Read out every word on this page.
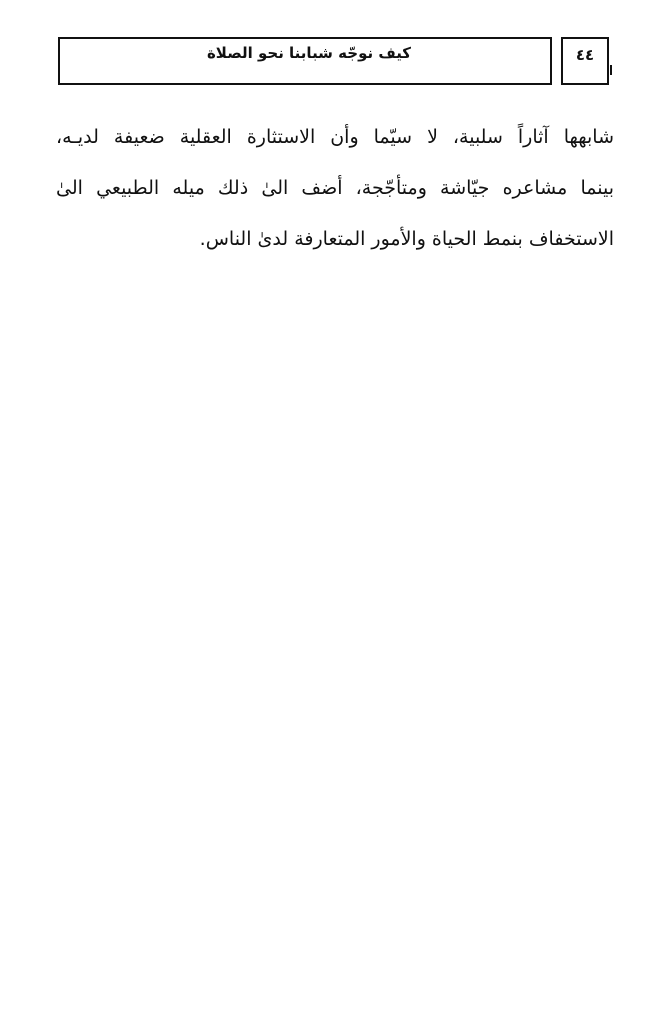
كيف نوجّه شبابنا نحو الصلاة	٤٤
شابهها آثاراً سلبية، لا سيّما وأن الاستثارة العقلية ضعيفة لديـه،
بينما مشاعره جيّاشة ومتأجّجة، أضف الىٰ ذلك ميله الطبيعي الىٰ
الاستخفاف بنمط الحياة والأمور المتعارفة لدىٰ الناس.
